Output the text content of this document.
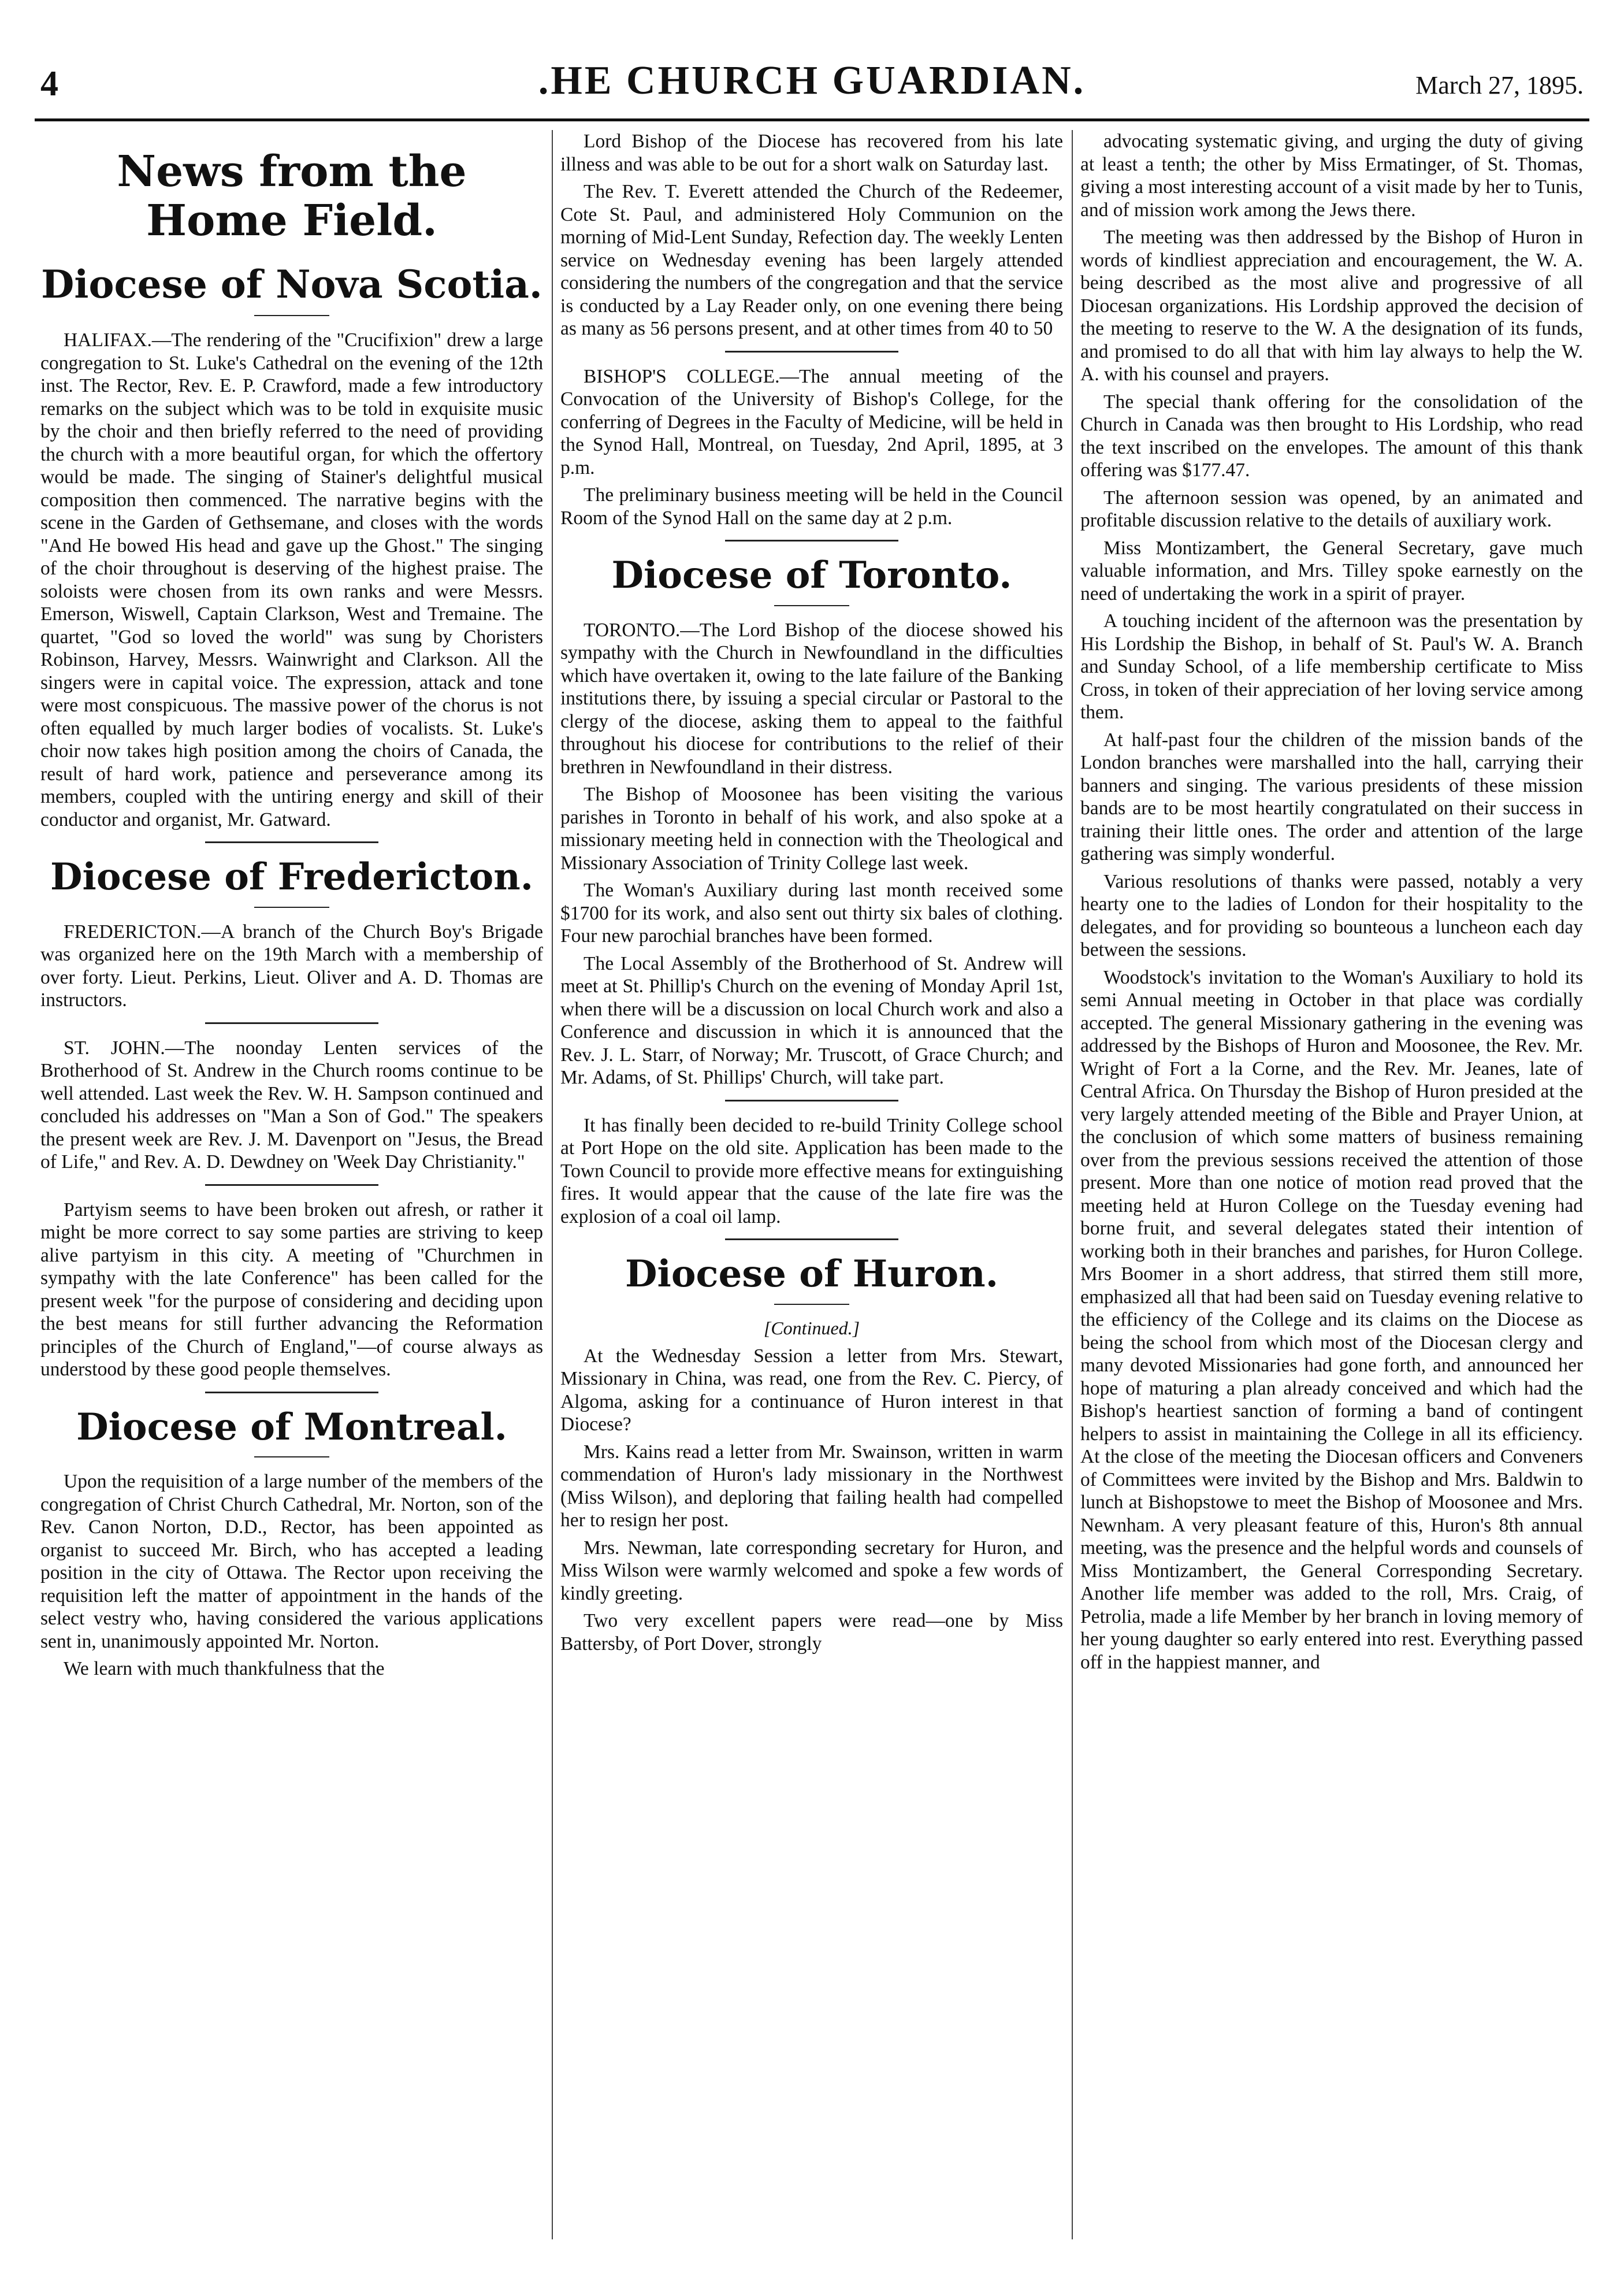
4	.HE CHURCH GUARDIAN.	March 27, 1895.
News from the Home Field.
Diocese of Nova Scotia.

HALIFAX.—The rendering of the "Crucifixion" drew a large congregation to St. Luke's Cathedral on the evening of the 12th inst. The Rector, Rev. E. P. Crawford, made a few introductory remarks on the subject which was to be told in exquisite music by the choir and then briefly referred to the need of providing the church with a more beautiful organ, for which the offertory would be made. The singing of Stainer's delightful musical composition then commenced. The narrative begins with the scene in the Garden of Gethsemane, and closes with the words "And He bowed His head and gave up the Ghost." The singing of the choir throughout is deserving of the highest praise. The soloists were chosen from its own ranks and were Messrs. Emerson, Wiswell, Captain Clarkson, West and Tremaine. The quartet, "God so loved the world" was sung by Choristers Robinson, Harvey, Messrs. Wainwright and Clarkson. All the singers were in capital voice. The expression, attack and tone were most conspicuous. The massive power of the chorus is not often equalled by much larger bodies of vocalists. St. Luke's choir now takes high position among the choirs of Canada, the result of hard work, patience and perseverance among its members, coupled with the untiring energy and skill of their conductor and organist, Mr. Gatward.

Diocese of Fredericton.

FREDERICTON.—A branch of the Church Boy's Brigade was organized here on the 19th March with a membership of over forty. Lieut. Perkins, Lieut. Oliver and A. D. Thomas are instructors.

ST. JOHN.—The noonday Lenten services of the Brotherhood of St. Andrew in the Church rooms continue to be well attended. Last week the Rev. W. H. Sampson continued and concluded his addresses on "Man a Son of God." The speakers the present week are Rev. J. M. Davenport on "Jesus, the Bread of Life," and Rev. A. D. Dewdney on 'Week Day Christianity."

Partyism seems to have been broken out afresh, or rather it might be more correct to say some parties are striving to keep alive partyism in this city. A meeting of "Churchmen in sympathy with the late Conference" has been called for the present week "for the purpose of considering and deciding upon the best means for still further advancing the Reformation principles of the Church of England,"—of course always as understood by these good people themselves.

Diocese of Montreal.

Upon the requisition of a large number of the members of the congregation of Christ Church Cathedral, Mr. Norton, son of the Rev. Canon Norton, D.D., Rector, has been appointed as organist to succeed Mr. Birch, who has accepted a leading position in the city of Ottawa. The Rector upon receiving the requisition left the matter of appointment in the hands of the select vestry who, having considered the various applications sent in, unanimously appointed Mr. Norton.

We learn with much thankfulness that the

Lord Bishop of the Diocese has recovered from his late illness and was able to be out for a short walk on Saturday last.

The Rev. T. Everett attended the Church of the Redeemer, Cote St. Paul, and administered Holy Communion on the morning of Mid-Lent Sunday, Refection day. The weekly Lenten service on Wednesday evening has been largely attended considering the numbers of the congregation and that the service is conducted by a Lay Reader only, on one evening there being as many as 56 persons present, and at other times from 40 to 50

BISHOP'S COLLEGE.—The annual meeting of the Convocation of the University of Bishop's College, for the conferring of Degrees in the Faculty of Medicine, will be held in the Synod Hall, Montreal, on Tuesday, 2nd April, 1895, at 3 p.m.

The preliminary business meeting will be held in the Council Room of the Synod Hall on the same day at 2 p.m.

Diocese of Toronto.

TORONTO.—The Lord Bishop of the diocese showed his sympathy with the Church in Newfoundland in the difficulties which have overtaken it, owing to the late failure of the Banking institutions there, by issuing a special circular or Pastoral to the clergy of the diocese, asking them to appeal to the faithful throughout his diocese for contributions to the relief of their brethren in Newfoundland in their distress.

The Bishop of Moosonee has been visiting the various parishes in Toronto in behalf of his work, and also spoke at a missionary meeting held in connection with the Theological and Missionary Association of Trinity College last week.

The Woman's Auxiliary during last month received some $1700 for its work, and also sent out thirty six bales of clothing. Four new parochial branches have been formed.

The Local Assembly of the Brotherhood of St. Andrew will meet at St. Phillip's Church on the evening of Monday April 1st, when there will be a discussion on local Church work and also a Conference and discussion in which it is announced that the Rev. J. L. Starr, of Norway; Mr. Truscott, of Grace Church; and Mr. Adams, of St. Phillips' Church, will take part.

It has finally been decided to re-build Trinity College school at Port Hope on the old site. Application has been made to the Town Council to provide more effective means for extinguishing fires. It would appear that the cause of the late fire was the explosion of a coal oil lamp.

Diocese of Huron.
[Continued.]

At the Wednesday Session a letter from Mrs. Stewart, Missionary in China, was read, one from the Rev. C. Piercy, of Algoma, asking for a continuance of Huron interest in that Diocese?

Mrs. Kains read a letter from Mr. Swainson, written in warm commendation of Huron's lady missionary in the Northwest (Miss Wilson), and deploring that failing health had compelled her to resign her post.

Mrs. Newman, late corresponding secretary for Huron, and Miss Wilson were warmly welcomed and spoke a few words of kindly greeting.

Two very excellent papers were read—one by Miss Battersby, of Port Dover, strongly

advocating systematic giving, and urging the duty of giving at least a tenth; the other by Miss Ermatinger, of St. Thomas, giving a most interesting account of a visit made by her to Tunis, and of mission work among the Jews there.

The meeting was then addressed by the Bishop of Huron in words of kindliest appreciation and encouragement, the W. A. being described as the most alive and progressive of all Diocesan organizations. His Lordship approved the decision of the meeting to reserve to the W. A the designation of its funds, and promised to do all that with him lay always to help the W. A. with his counsel and prayers.

The special thank offering for the consolidation of the Church in Canada was then brought to His Lordship, who read the text inscribed on the envelopes. The amount of this thank offering was $177.47.

The afternoon session was opened, by an animated and profitable discussion relative to the details of auxiliary work.

Miss Montizambert, the General Secretary, gave much valuable information, and Mrs. Tilley spoke earnestly on the need of undertaking the work in a spirit of prayer.

A touching incident of the afternoon was the presentation by His Lordship the Bishop, in behalf of St. Paul's W. A. Branch and Sunday School, of a life membership certificate to Miss Cross, in token of their appreciation of her loving service among them.

At half-past four the children of the mission bands of the London branches were marshalled into the hall, carrying their banners and singing. The various presidents of these mission bands are to be most heartily congratulated on their success in training their little ones. The order and attention of the large gathering was simply wonderful.

Various resolutions of thanks were passed, notably a very hearty one to the ladies of London for their hospitality to the delegates, and for providing so bounteous a luncheon each day between the sessions.

Woodstock's invitation to the Woman's Auxiliary to hold its semi Annual meeting in October in that place was cordially accepted. The general Missionary gathering in the evening was addressed by the Bishops of Huron and Moosonee, the Rev. Mr. Wright of Fort a la Corne, and the Rev. Mr. Jeanes, late of Central Africa. On Thursday the Bishop of Huron presided at the very largely attended meeting of the Bible and Prayer Union, at the conclusion of which some matters of business remaining over from the previous sessions received the attention of those present. More than one notice of motion read proved that the meeting held at Huron College on the Tuesday evening had borne fruit, and several delegates stated their intention of working both in their branches and parishes, for Huron College. Mrs Boomer in a short address, that stirred them still more, emphasized all that had been said on Tuesday evening relative to the efficiency of the College and its claims on the Diocese as being the school from which most of the Diocesan clergy and many devoted Missionaries had gone forth, and announced her hope of maturing a plan already conceived and which had the Bishop's heartiest sanction of forming a band of contingent helpers to assist in maintaining the College in all its efficiency. At the close of the meeting the Diocesan officers and Conveners of Committees were invited by the Bishop and Mrs. Baldwin to lunch at Bishopstowe to meet the Bishop of Moosonee and Mrs. Newnham. A very pleasant feature of this, Huron's 8th annual meeting, was the presence and the helpful words and counsels of Miss Montizambert, the General Corresponding Secretary. Another life member was added to the roll, Mrs. Craig, of Petrolia, made a life Member by her branch in loving memory of her young daughter so early entered into rest. Everything passed off in the happiest manner, and
